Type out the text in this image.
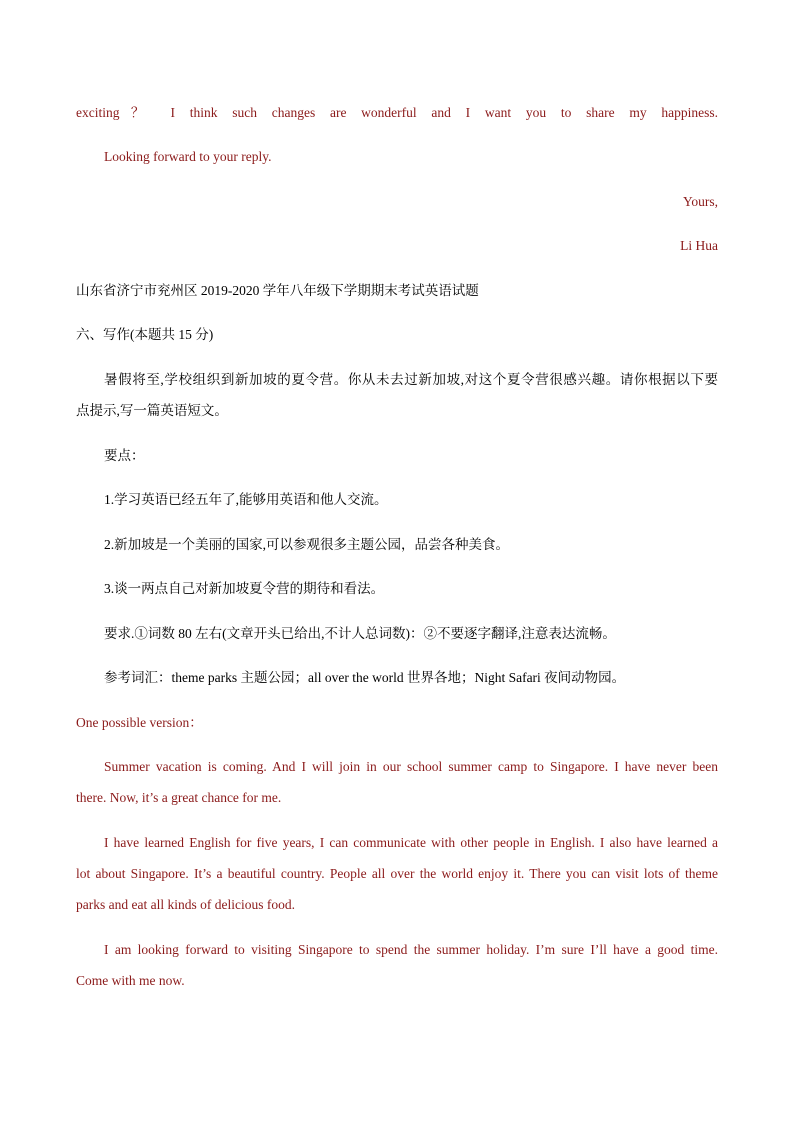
exciting？ I think such changes are wonderful and I want you to share my happiness.
Looking forward to your reply.
Yours,
Li Hua
山东省济宁市兖州区 2019-2020 学年八年级下学期期末考试英语试题
六、写作(本题共 15 分)
暑假将至,学校组织到新加坡的夏令营。你从未去过新加坡,对这个夏令营很感兴趣。请你根据以下要
点提示,写一篇英语短文。
要点：
1.学习英语已经五年了,能够用英语和他人交流。
2.新加坡是一个美丽的国家,可以参观很多主题公园，品尝各种美食。
3.谈一两点自己对新加坡夏令营的期待和看法。
要求.①词数 80 左右(文章开头已给出,不计人总词数)：②不要逐字翻译,注意表达流畅。
参考词汇：theme parks 主题公园；all over the world 世界各地；Night Safari 夜间动物园。
One possible version：
Summer vacation is coming. And I will join in our school summer camp to Singapore. I have never been
there. Now, it’s a great chance for me.
I have learned English for five years, I can communicate with other people in English. I also have learned a
lot about Singapore. It’s a beautiful country. People all over the world enjoy it. There you can visit lots of theme
parks and eat all kinds of delicious food.
I am looking forward to visiting Singapore to spend the summer holiday. I’m sure I’ll have a good time.
Come with me now.
